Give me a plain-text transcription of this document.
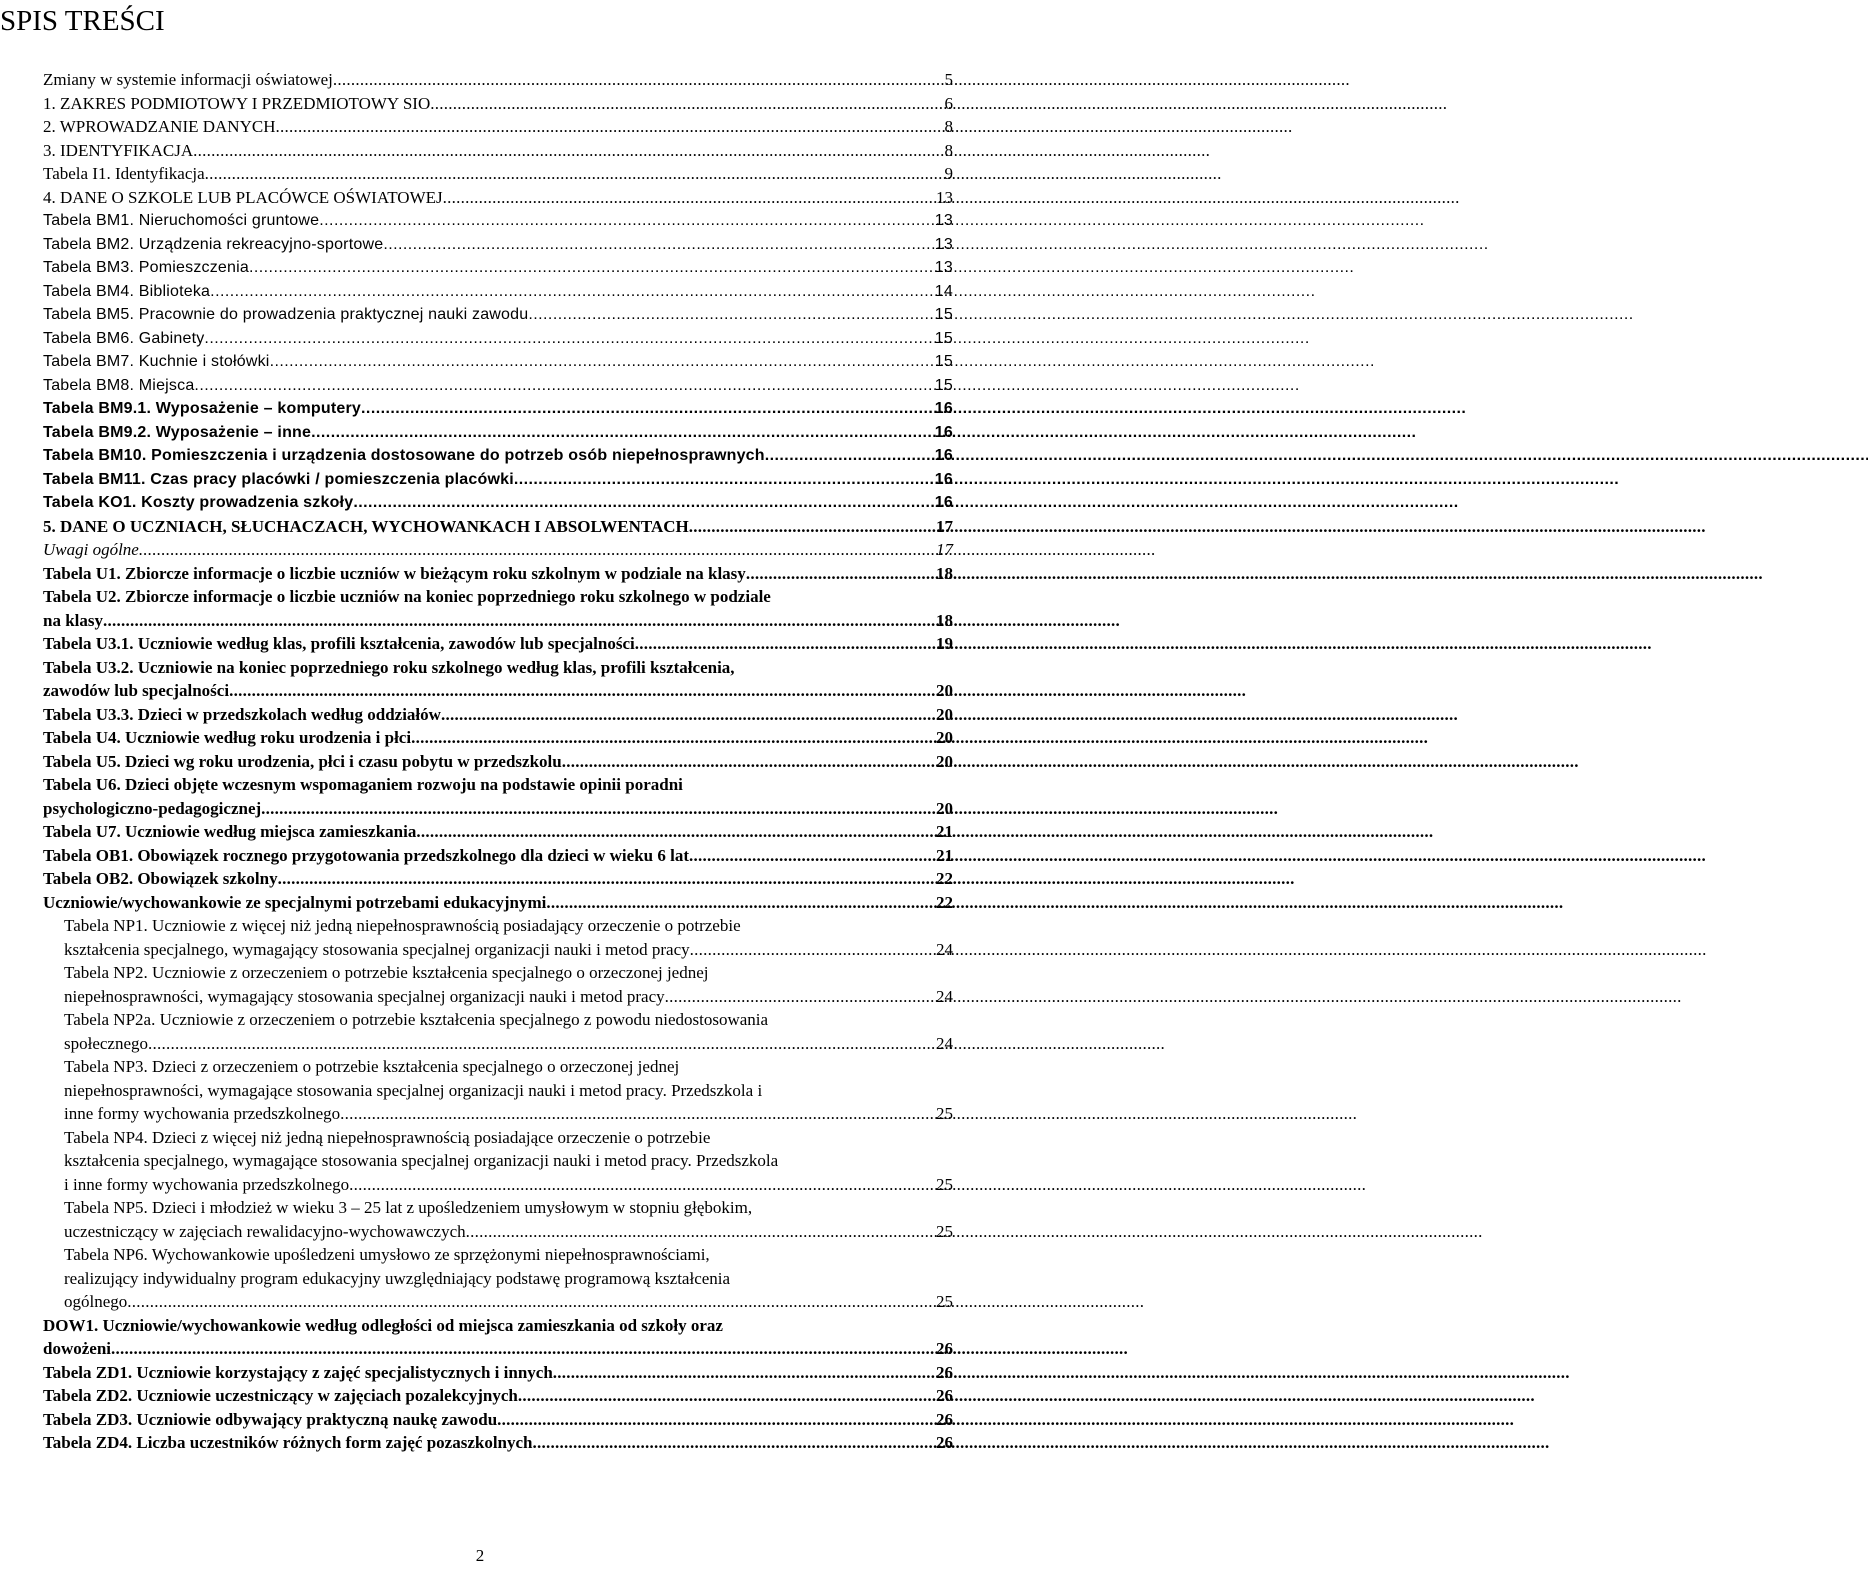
SPIS TREŚCI
Zmiany w systemie informacji oświatowej . . .	5
1. ZAKRES PODMIOTOWY I PRZEDMIOTOWY SIO . . .	6
2. WPROWADZANIE DANYCH . . .	8
3. IDENTYFIKACJA . . .	8
Tabela I1. Identyfikacja . . .	9
4. DANE O SZKOLE LUB PLACÓWCE OŚWIATOWEJ . . .	13
Tabela BM1. Nieruchomości gruntowe . . .	13
Tabela BM2. Urządzenia rekreacyjno-sportowe . . .	13
Tabela BM3. Pomieszczenia . . .	13
Tabela BM4. Biblioteka . . .	14
Tabela BM5. Pracownie do prowadzenia praktycznej nauki zawodu . . .	15
Tabela BM6. Gabinety . . .	15
Tabela BM7. Kuchnie i stołówki . . .	15
Tabela BM8. Miejsca . . .	15
Tabela BM9.1. Wyposażenie – komputery . . .	16
Tabela BM9.2. Wyposażenie – inne . . .	16
Tabela BM10. Pomieszczenia i urządzenia dostosowane do potrzeb osób niepełnosprawnych . . .	16
Tabela BM11. Czas pracy placówki / pomieszczenia placówki . . .	16
Tabela KO1. Koszty prowadzenia szkoły . . .	16
5. DANE O UCZNIACH, SŁUCHACZACH, WYCHOWANKACH I ABSOLWENTACH . . .	17
Uwagi ogólne . . .	17
Tabela U1. Zbiorcze informacje o liczbie uczniów w bieżącym roku szkolnym w podziale na klasy . . .	18
Tabela U2. Zbiorcze informacje o liczbie uczniów na koniec poprzedniego roku szkolnego w podziale
na klasy . . .	18
Tabela U3.1. Uczniowie według klas, profili kształcenia, zawodów lub specjalności . . .	19
Tabela U3.2. Uczniowie na koniec poprzedniego roku szkolnego według klas, profili kształcenia,
zawodów lub specjalności . . .	20
Tabela U3.3. Dzieci w przedszkolach według oddziałów . . .	20
Tabela U4. Uczniowie według roku urodzenia i płci . . .	20
Tabela U5. Dzieci wg roku urodzenia, płci i czasu pobytu w przedszkolu . . .	20
Tabela U6. Dzieci objęte wczesnym wspomaganiem rozwoju na podstawie opinii poradni
psychologiczno-pedagogicznej . . .	20
Tabela U7. Uczniowie według miejsca zamieszkania . . .	21
Tabela OB1. Obowiązek rocznego przygotowania przedszkolnego dla dzieci w wieku 6 lat . . .	21
Tabela OB2. Obowiązek szkolny . . .	22
Uczniowie/wychowankowie ze specjalnymi potrzebami edukacyjnymi . . .	22
Tabela NP1. Uczniowie z więcej niż jedną niepełnosprawnością posiadający orzeczenie o potrzebie
kształcenia specjalnego, wymagający stosowania specjalnej organizacji nauki i metod pracy . . .	24
Tabela NP2. Uczniowie z orzeczeniem o potrzebie kształcenia specjalnego o orzeczonej jednej
niepełnosprawności, wymagający stosowania specjalnej organizacji nauki i metod pracy . . .	24
Tabela NP2a. Uczniowie z orzeczeniem o potrzebie kształcenia specjalnego z powodu niedostosowania
społecznego . . .	24
Tabela NP3. Dzieci z orzeczeniem o potrzebie kształcenia specjalnego o orzeczonej jednej
niepełnosprawności, wymagające stosowania specjalnej organizacji nauki i metod pracy. Przedszkola i
inne formy wychowania przedszkolnego . . .	25
Tabela NP4. Dzieci z więcej niż jedną niepełnosprawnością posiadające orzeczenie o potrzebie
kształcenia specjalnego, wymagające stosowania specjalnej organizacji nauki i metod pracy. Przedszkola
i inne formy wychowania przedszkolnego . . .	25
Tabela NP5. Dzieci i młodzież w wieku 3 – 25 lat z upośledzeniem umysłowym w stopniu głębokim,
uczestniczący w zajęciach rewalidacyjno-wychowawczych . . .	25
Tabela NP6. Wychowankowie upośledzeni umysłowo ze sprzężonymi niepełnosprawnościami,
realizujący indywidualny program edukacyjny uwzględniający podstawę programową kształcenia
ogólnego . . .	25
DOW1. Uczniowie/wychowankowie według odległości od miejsca zamieszkania od szkoły oraz
dowożeni . . .	26
Tabela ZD1. Uczniowie korzystający z zajęć specjalistycznych i innych . . .	26
Tabela ZD2. Uczniowie uczestniczący w zajęciach pozalekcyjnych . . .	26
Tabela ZD3. Uczniowie odbywający praktyczną naukę zawodu . . .	26
Tabela ZD4. Liczba uczestników różnych form zajęć pozaszkolnych . . .	26
2
